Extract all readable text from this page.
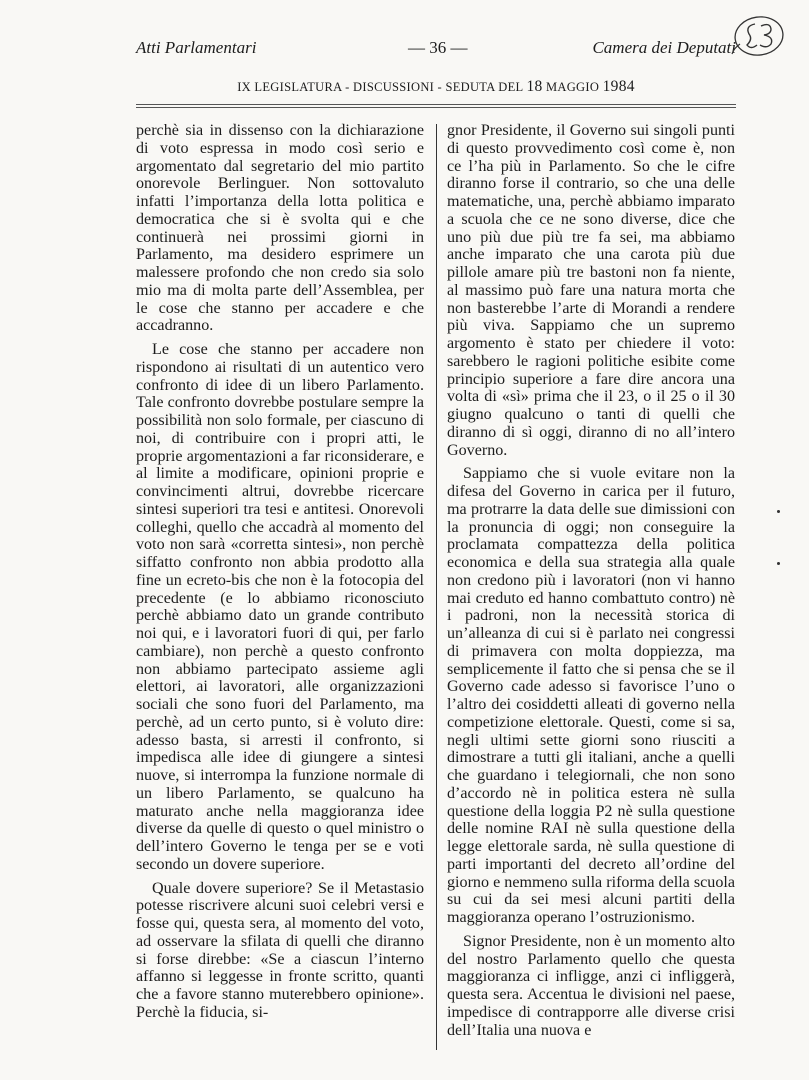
Atti Parlamentari	— 36 —	Camera dei Deputati
IX LEGISLATURA - DISCUSSIONI - SEDUTA DEL 18 MAGGIO 1984

perchè sia in dissenso con la dichiarazione di voto espressa in modo così serio e argomentato dal segretario del mio partito onorevole Berlinguer. Non sottovaluto infatti l’importanza della lotta politica e democratica che si è svolta qui e che continuerà nei prossimi giorni in Parlamento, ma desidero esprimere un malessere profondo che non credo sia solo mio ma di molta parte dell’Assemblea, per le cose che stanno per accadere e che accadranno.

Le cose che stanno per accadere non rispondono ai risultati di un autentico vero confronto di idee di un libero Parlamento. Tale confronto dovrebbe postulare sempre la possibilità non solo formale, per ciascuno di noi, di contribuire con i propri atti, le proprie argomentazioni a far riconsiderare, e al limite a modificare, opinioni proprie e convincimenti altrui, dovrebbe ricercare sintesi superiori tra tesi e antitesi. Onorevoli colleghi, quello che accadrà al momento del voto non sarà «corretta sintesi», non perchè siffatto confronto non abbia prodotto alla fine un ecreto-bis che non è la fotocopia del precedente (e lo abbiamo riconosciuto perchè abbiamo dato un grande contributo noi qui, e i lavoratori fuori di qui, per farlo cambiare), non perchè a questo confronto non abbiamo partecipato assieme agli elettori, ai lavoratori, alle organizzazioni sociali che sono fuori del Parlamento, ma perchè, ad un certo punto, si è voluto dire: adesso basta, si arresti il confronto, si impedisca alle idee di giungere a sintesi nuove, si interrompa la funzione normale di un libero Parlamento, se qualcuno ha maturato anche nella maggioranza idee diverse da quelle di questo o quel ministro o dell’intero Governo le tenga per se e voti secondo un dovere superiore.

Quale dovere superiore? Se il Metastasio potesse riscrivere alcuni suoi celebri versi e fosse qui, questa sera, al momento del voto, ad osservare la sfilata di quelli che diranno si forse direbbe: «Se a ciascun l’interno affanno si leggesse in fronte scritto, quanti che a favore stanno muterebbero opinione». Perchè la fiducia, si-

gnor Presidente, il Governo sui singoli punti di questo provvedimento così come è, non ce l’ha più in Parlamento. So che le cifre diranno forse il contrario, so che una delle matematiche, una, perchè abbiamo imparato a scuola che ce ne sono diverse, dice che uno più due più tre fa sei, ma abbiamo anche imparato che una carota più due pillole amare più tre bastoni non fa niente, al massimo può fare una natura morta che non basterebbe l’arte di Morandi a rendere più viva. Sappiamo che un supremo argomento è stato per chiedere il voto: sarebbero le ragioni politiche esibite come principio superiore a fare dire ancora una volta di «sì» prima che il 23, o il 25 o il 30 giugno qualcuno o tanti di quelli che diranno di sì oggi, diranno di no all’intero Governo.

Sappiamo che si vuole evitare non la difesa del Governo in carica per il futuro, ma protrarre la data delle sue dimissioni con la pronuncia di oggi; non conseguire la proclamata compattezza della politica economica e della sua strategia alla quale non credono più i lavoratori (non vi hanno mai creduto ed hanno combattuto contro) nè i padroni, non la necessità storica di un’alleanza di cui si è parlato nei congressi di primavera con molta doppiezza, ma semplicemente il fatto che si pensa che se il Governo cade adesso si favorisce l’uno o l’altro dei cosiddetti alleati di governo nella competizione elettorale. Questi, come si sa, negli ultimi sette giorni sono riusciti a dimostrare a tutti gli italiani, anche a quelli che guardano i telegiornali, che non sono d’accordo nè in politica estera nè sulla questione della loggia P2 nè sulla questione delle nomine RAI nè sulla questione della legge elettorale sarda, nè sulla questione di parti importanti del decreto all’ordine del giorno e nemmeno sulla riforma della scuola su cui da sei mesi alcuni partiti della maggioranza operano l’ostruzionismo.

Signor Presidente, non è un momento alto del nostro Parlamento quello che questa maggioranza ci infligge, anzi ci infliggerà, questa sera. Accentua le divisioni nel paese, impedisce di contrapporre alle diverse crisi dell’Italia una nuova e
